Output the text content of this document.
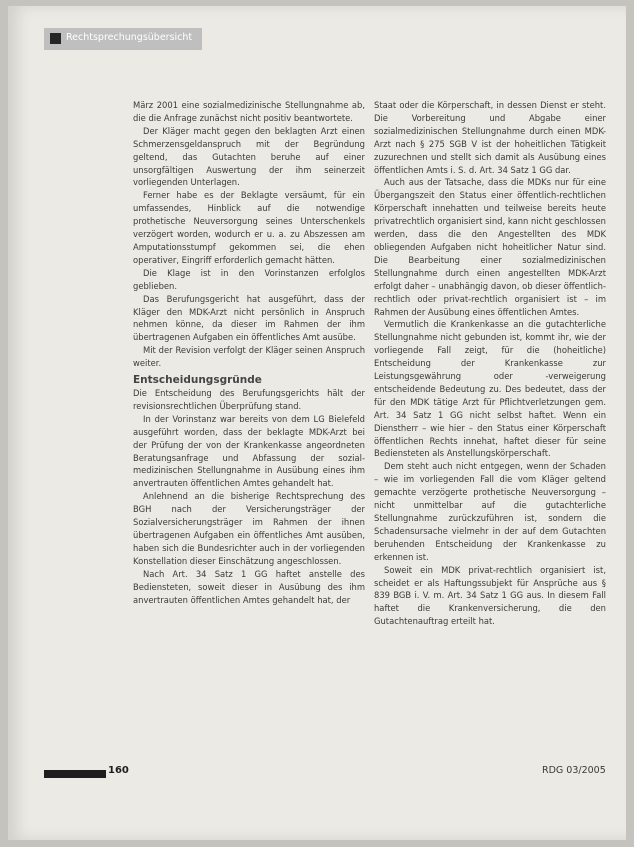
Rechtsprechungsübersicht

März 2001 eine sozialmedizinische Stellungnahme ab, die die Anfrage zunächst nicht positiv beantwortete.

Der Kläger macht gegen den beklagten Arzt einen Schmerzensgeldanspruch mit der Begründung geltend, das Gutachten beruhe auf einer unsorgfältigen Auswertung der ihm seinerzeit vorliegenden Unterlagen.

Ferner habe es der Beklagte versäumt, für ein umfassendes, Hinblick auf die notwendige prothetische Neuversorgung seines Unterschenkels verzögert worden, wodurch er u. a. zu Abszessen am Amputationsstumpf gekommen sei, die ehen operativer, Eingriff erforderlich gemacht hätten.

Die Klage ist in den Vorinstanzen erfolglos geblieben.

Das Berufungsgericht hat ausgeführt, dass der Kläger den MDK-Arzt nicht persönlich in Anspruch nehmen könne, da dieser im Rahmen der ihm übertragenen Aufgaben ein öffentliches Amt ausübe.

Mit der Revision verfolgt der Kläger seinen Anspruch weiter.

Entscheidungsgründe

Die Entscheidung des Berufungsgerichts hält der revisionsrechtlichen Überprüfung stand.

In der Vorinstanz war bereits von dem LG Bielefeld ausgeführt worden, dass der beklagte MDK-Arzt bei der Prüfung der von der Krankenkasse angeordneten Beratungsanfrage und Abfassung der sozial-medizinischen Stellungnahme in Ausübung eines ihm anvertrauten öffentlichen Amtes gehandelt hat.

Anlehnend an die bisherige Rechtsprechung des BGH nach der Versicherungsträger der Sozialversicherungsträger im Rahmen der ihnen übertragenen Aufgaben ein öffentliches Amt ausüben, haben sich die Bundesrichter auch in der vorliegenden Konstellation dieser Einschätzung angeschlossen.

Nach Art. 34 Satz 1 GG haftet anstelle des Bediensteten, soweit dieser in Ausübung des ihm anvertrauten öffentlichen Amtes gehandelt hat, der

Staat oder die Körperschaft, in dessen Dienst er steht. Die Vorbereitung und Abgabe einer sozialmedizinischen Stellungnahme durch einen MDK-Arzt nach § 275 SGB V ist der hoheitlichen Tätigkeit zuzurechnen und stellt sich damit als Ausübung eines öffentlichen Amts i. S. d. Art. 34 Satz 1 GG dar.

Auch aus der Tatsache, dass die MDKs nur für eine Übergangszeit den Status einer öffentlich-rechtlichen Körperschaft innehatten und teilweise bereits heute privatrechtlich organisiert sind, kann nicht geschlossen werden, dass die den Angestellten des MDK obliegenden Aufgaben nicht hoheitlicher Natur sind. Die Bearbeitung einer sozialmedizinischen Stellungnahme durch einen angestellten MDK-Arzt erfolgt daher – unabhängig davon, ob dieser öffentlich-rechtlich oder privat-rechtlich organisiert ist – im Rahmen der Ausübung eines öffentlichen Amtes.

Vermutlich die Krankenkasse an die gutachterliche Stellungnahme nicht gebunden ist, kommt ihr, wie der vorliegende Fall zeigt, für die (hoheitliche) Entscheidung der Krankenkasse zur Leistungsgewährung oder -verweigerung entscheidende Bedeutung zu. Des bedeutet, dass der für den MDK tätige Arzt für Pflichtverletzungen gem. Art. 34 Satz 1 GG nicht selbst haftet. Wenn ein Dienstherr – wie hier – den Status einer Körperschaft öffentlichen Rechts innehat, haftet dieser für seine Bediensteten als Anstellungskörperschaft.

Dem steht auch nicht entgegen, wenn der Schaden – wie im vorliegenden Fall die vom Kläger geltend gemachte verzögerte prothetische Neuversorgung – nicht unmittelbar auf die gutachterliche Stellungnahme zurückzuführen ist, sondern die Schadensursache vielmehr in der auf dem Gutachten beruhenden Entscheidung der Krankenkasse zu erkennen ist.

Soweit ein MDK privat-rechtlich organisiert ist, scheidet er als Haftungssubjekt für Ansprüche aus § 839 BGB i. V. m. Art. 34 Satz 1 GG aus. In diesem Fall haftet die Krankenversicherung, die den Gutachtenauftrag erteilt hat.

160	RDG 03/2005
